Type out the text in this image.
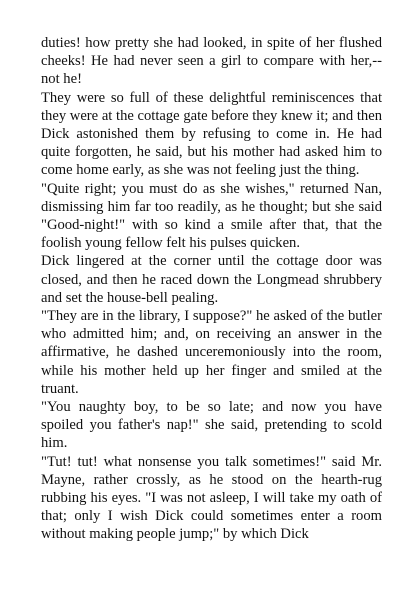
duties! how pretty she had looked, in spite of her flushed cheeks! He had never seen a girl to compare with her,--not he!

They were so full of these delightful reminiscences that they were at the cottage gate before they knew it; and then Dick astonished them by refusing to come in. He had quite forgotten, he said, but his mother had asked him to come home early, as she was not feeling just the thing.

"Quite right; you must do as she wishes," returned Nan, dismissing him far too readily, as he thought; but she said "Good-night!" with so kind a smile after that, that the foolish young fellow felt his pulses quicken.

Dick lingered at the corner until the cottage door was closed, and then he raced down the Longmead shrubbery and set the house-bell pealing.

"They are in the library, I suppose?" he asked of the butler who admitted him; and, on receiving an answer in the affirmative, he dashed unceremoniously into the room, while his mother held up her finger and smiled at the truant.

"You naughty boy, to be so late; and now you have spoiled you father's nap!" she said, pretending to scold him.

"Tut! tut! what nonsense you talk sometimes!" said Mr. Mayne, rather crossly, as he stood on the hearth-rug rubbing his eyes. "I was not asleep, I will take my oath of that; only I wish Dick could sometimes enter a room without making people jump;" by which Dick
